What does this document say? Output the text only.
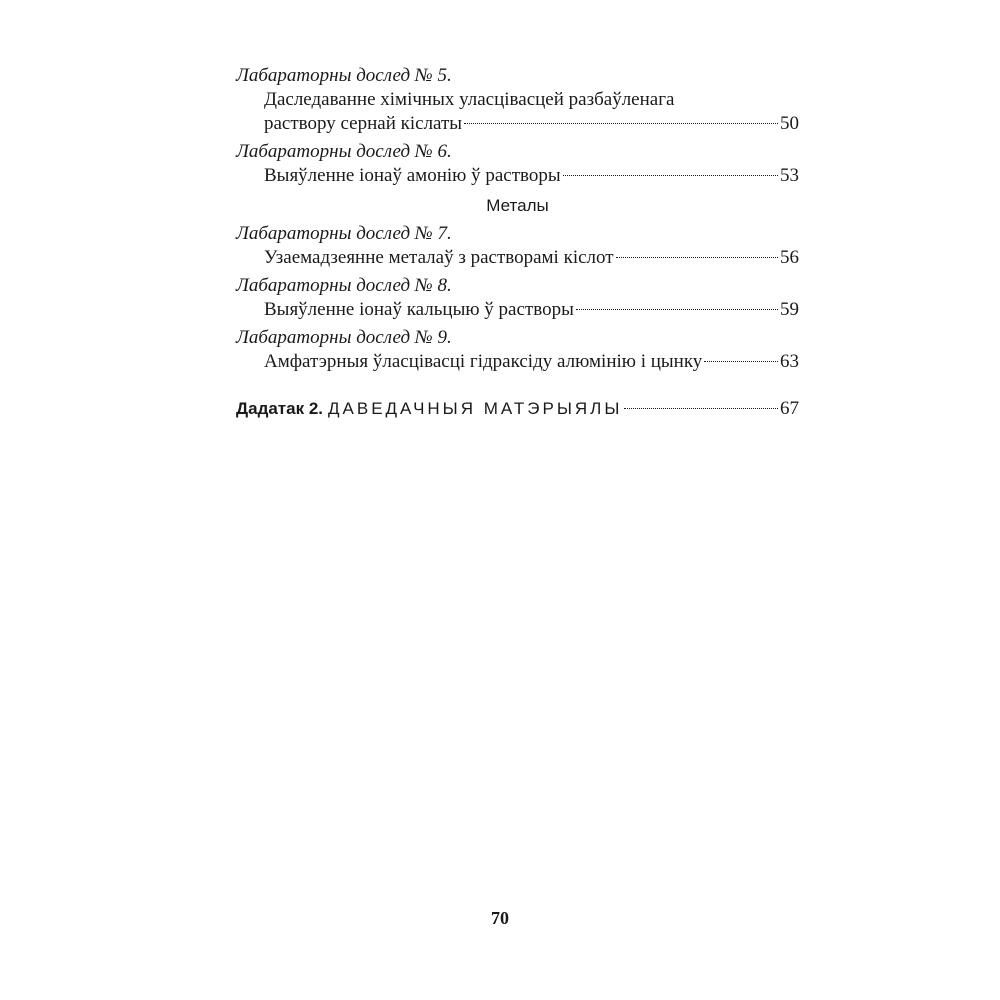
Лабараторны дослед № 5.
Даследаванне хімічных уласцівасцей разбаўленага
раствору сернай кіслаты	50
Лабараторны дослед № 6.
Выяўленне іонаў амонію ў растворы	53
Металы
Лабараторны дослед № 7.
Узаемадзеянне металаў з растворамі кіслот	56
Лабараторны дослед № 8.
Выяўленне іонаў кальцыю ў растворы	59
Лабараторны дослед № 9.
Амфатэрныя ўласцівасці гідраксіду алюмінію і цынку	63
Дадатак 2. ДАВЕДАЧНЫЯ МАТЭРЫЯЛЫ	67
70
